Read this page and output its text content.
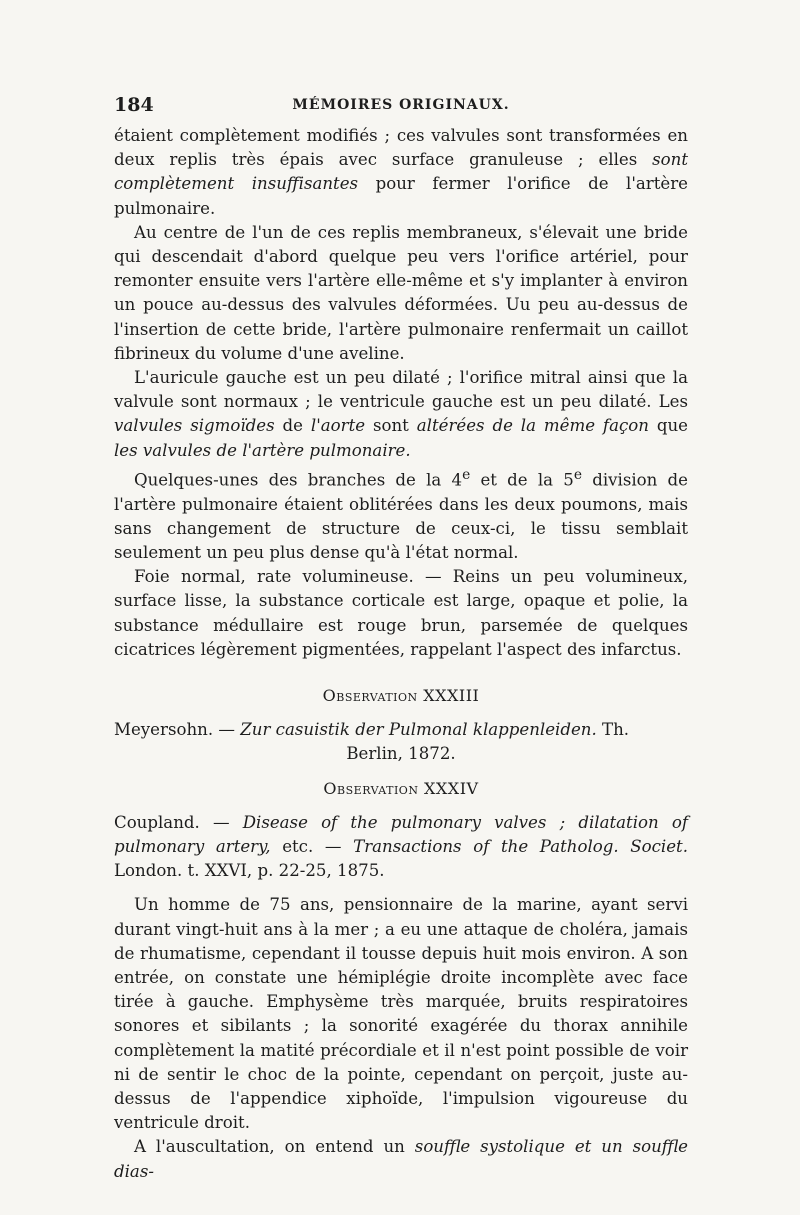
184	MÉMOIRES ORIGINAUX.

étaient complètement modifiés ; ces valvules sont transformées en deux replis très épais avec surface granuleuse ; elles sont complètement insuffisantes pour fermer l'orifice de l'artère pulmonaire.

Au centre de l'un de ces replis membraneux, s'élevait une bride qui descendait d'abord quelque peu vers l'orifice artériel, pour remonter ensuite vers l'artère elle-même et s'y implanter à environ un pouce au-dessus des valvules déformées. Uu peu au-dessus de l'insertion de cette bride, l'artère pulmonaire renfermait un caillot fibrineux du volume d'une aveline.

L'auricule gauche est un peu dilaté ; l'orifice mitral ainsi que la valvule sont normaux ; le ventricule gauche est un peu dilaté. Les valvules sigmoïdes de l'aorte sont altérées de la même façon que les valvules de l'artère pulmonaire.

Quelques-unes des branches de la 4e et de la 5e division de l'artère pulmonaire étaient oblitérées dans les deux poumons, mais sans changement de structure de ceux-ci, le tissu semblait seulement un peu plus dense qu'à l'état normal.

Foie normal, rate volumineuse. — Reins un peu volumineux, surface lisse, la substance corticale est large, opaque et polie, la substance médullaire est rouge brun, parsemée de quelques cicatrices légèrement pigmentées, rappelant l'aspect des infarctus.

Observation XXXIII

Meyersohn. — Zur casuistik der Pulmonal klappenleiden. Th.

Berlin, 1872.

Observation XXXIV

Coupland. — Disease of the pulmonary valves ; dilatation of pulmonary artery, etc. — Transactions of the Patholog. Societ. London. t. XXVI, p. 22-25, 1875.

Un homme de 75 ans, pensionnaire de la marine, ayant servi durant vingt-huit ans à la mer ; a eu une attaque de choléra, jamais de rhumatisme, cependant il tousse depuis huit mois environ. A son entrée, on constate une hémiplégie droite incomplète avec face tirée à gauche. Emphysème très marquée, bruits respiratoires sonores et sibilants ; la sonorité exagérée du thorax annihile complètement la matité précordiale et il n'est point possible de voir ni de sentir le choc de la pointe, cependant on perçoit, juste au-dessus de l'appendice xiphoïde, l'impulsion vigoureuse du ventricule droit.

A l'auscultation, on entend un souffle systolique et un souffle dias-
